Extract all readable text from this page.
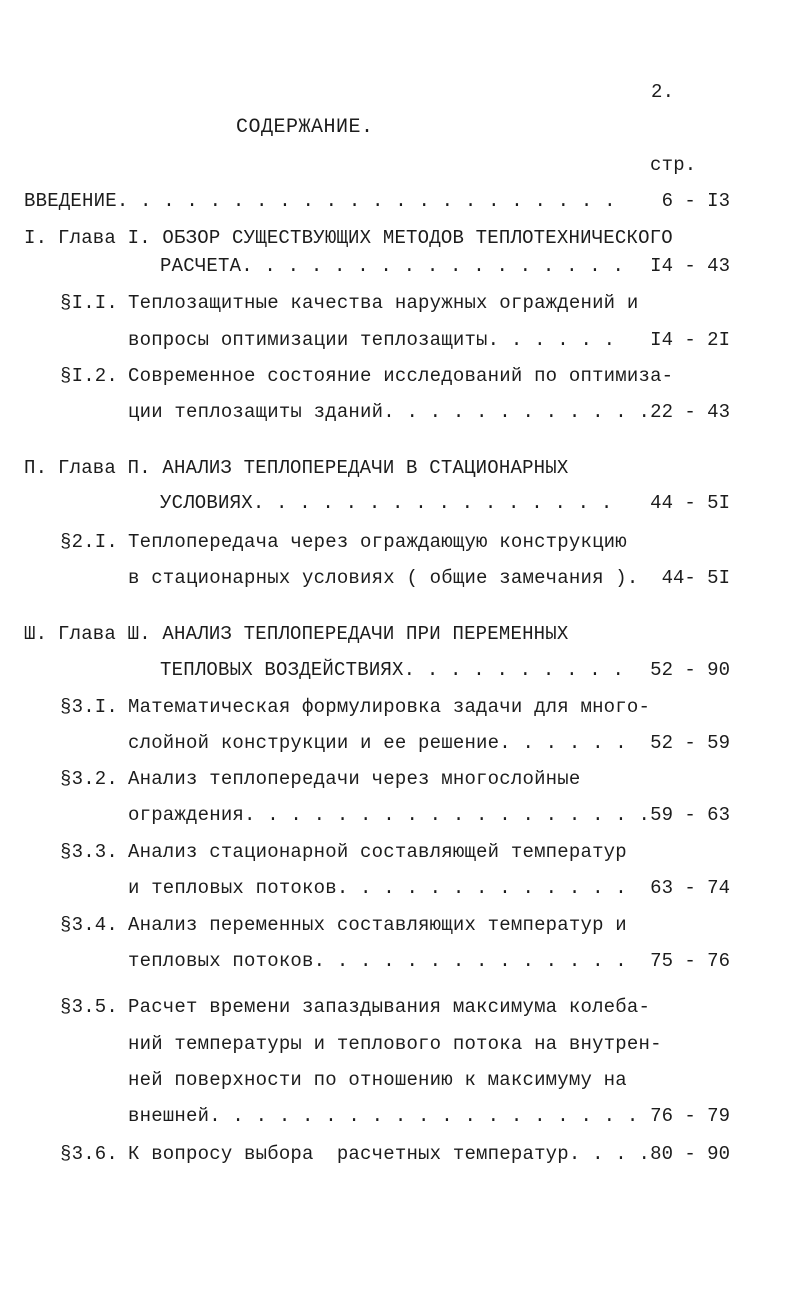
2.
СОДЕРЖАНИЕ.
стр.
ВВЕДЕНИЕ. . . . . . . . . . . . . . . . . . . . . . 6 - I3
I. Глава I. ОБЗОР СУЩЕСТВУЮЩИХ МЕТОДОВ ТЕПЛОТЕХНИЧЕСКОГО
РАСЧЕТА. . . . . . . . . . . . . . . . . I4 - 43
§I.I. Теплозащитные качества наружных ограждений и
вопросы оптимизации теплозащиты. . . . . . I4 - 2I
§I.2. Современное состояние исследований по оптимиза-
ции теплозащиты зданий. . . . . . . . . . . . 22 - 43
П. Глава П. АНАЛИЗ ТЕПЛОПЕРЕДАЧИ В СТАЦИОНАРНЫХ
УСЛОВИЯХ. . . . . . . . . . . . . . . . 44 - 5I
§2.I. Теплопередача через ограждающую конструкцию
в стационарных условиях ( общие замечания ). 44- 5I
Ш. Глава Ш. АНАЛИЗ ТЕПЛОПЕРЕДАЧИ ПРИ ПЕРЕМЕННЫХ
ТЕПЛОВЫХ ВОЗДЕЙСТВИЯХ. . . . . . . . . . 52 - 90
§3.I. Математическая формулировка задачи для много-
слойной конструкции и ее решение. . . . . . 52 - 59
§3.2. Анализ теплопередачи через многослойные
ограждения. . . . . . . . . . . . . . . . . . 59 - 63
§3.3. Анализ стационарной составляющей температур
и тепловых потоков. . . . . . . . . . . . . 63 - 74
§3.4. Анализ переменных составляющих температур и
тепловых потоков. . . . . . . . . . . . . . 75 - 76
§3.5. Расчет времени запаздывания максимума колеба-
ний температуры и теплового потока на внутрен-
ней поверхности по отношению к максимуму на
внешней. . . . . . . . . . . . . . . . . . . 76 - 79
§3.6. К вопросу выбора  расчетных температур. . . . 80 - 90
